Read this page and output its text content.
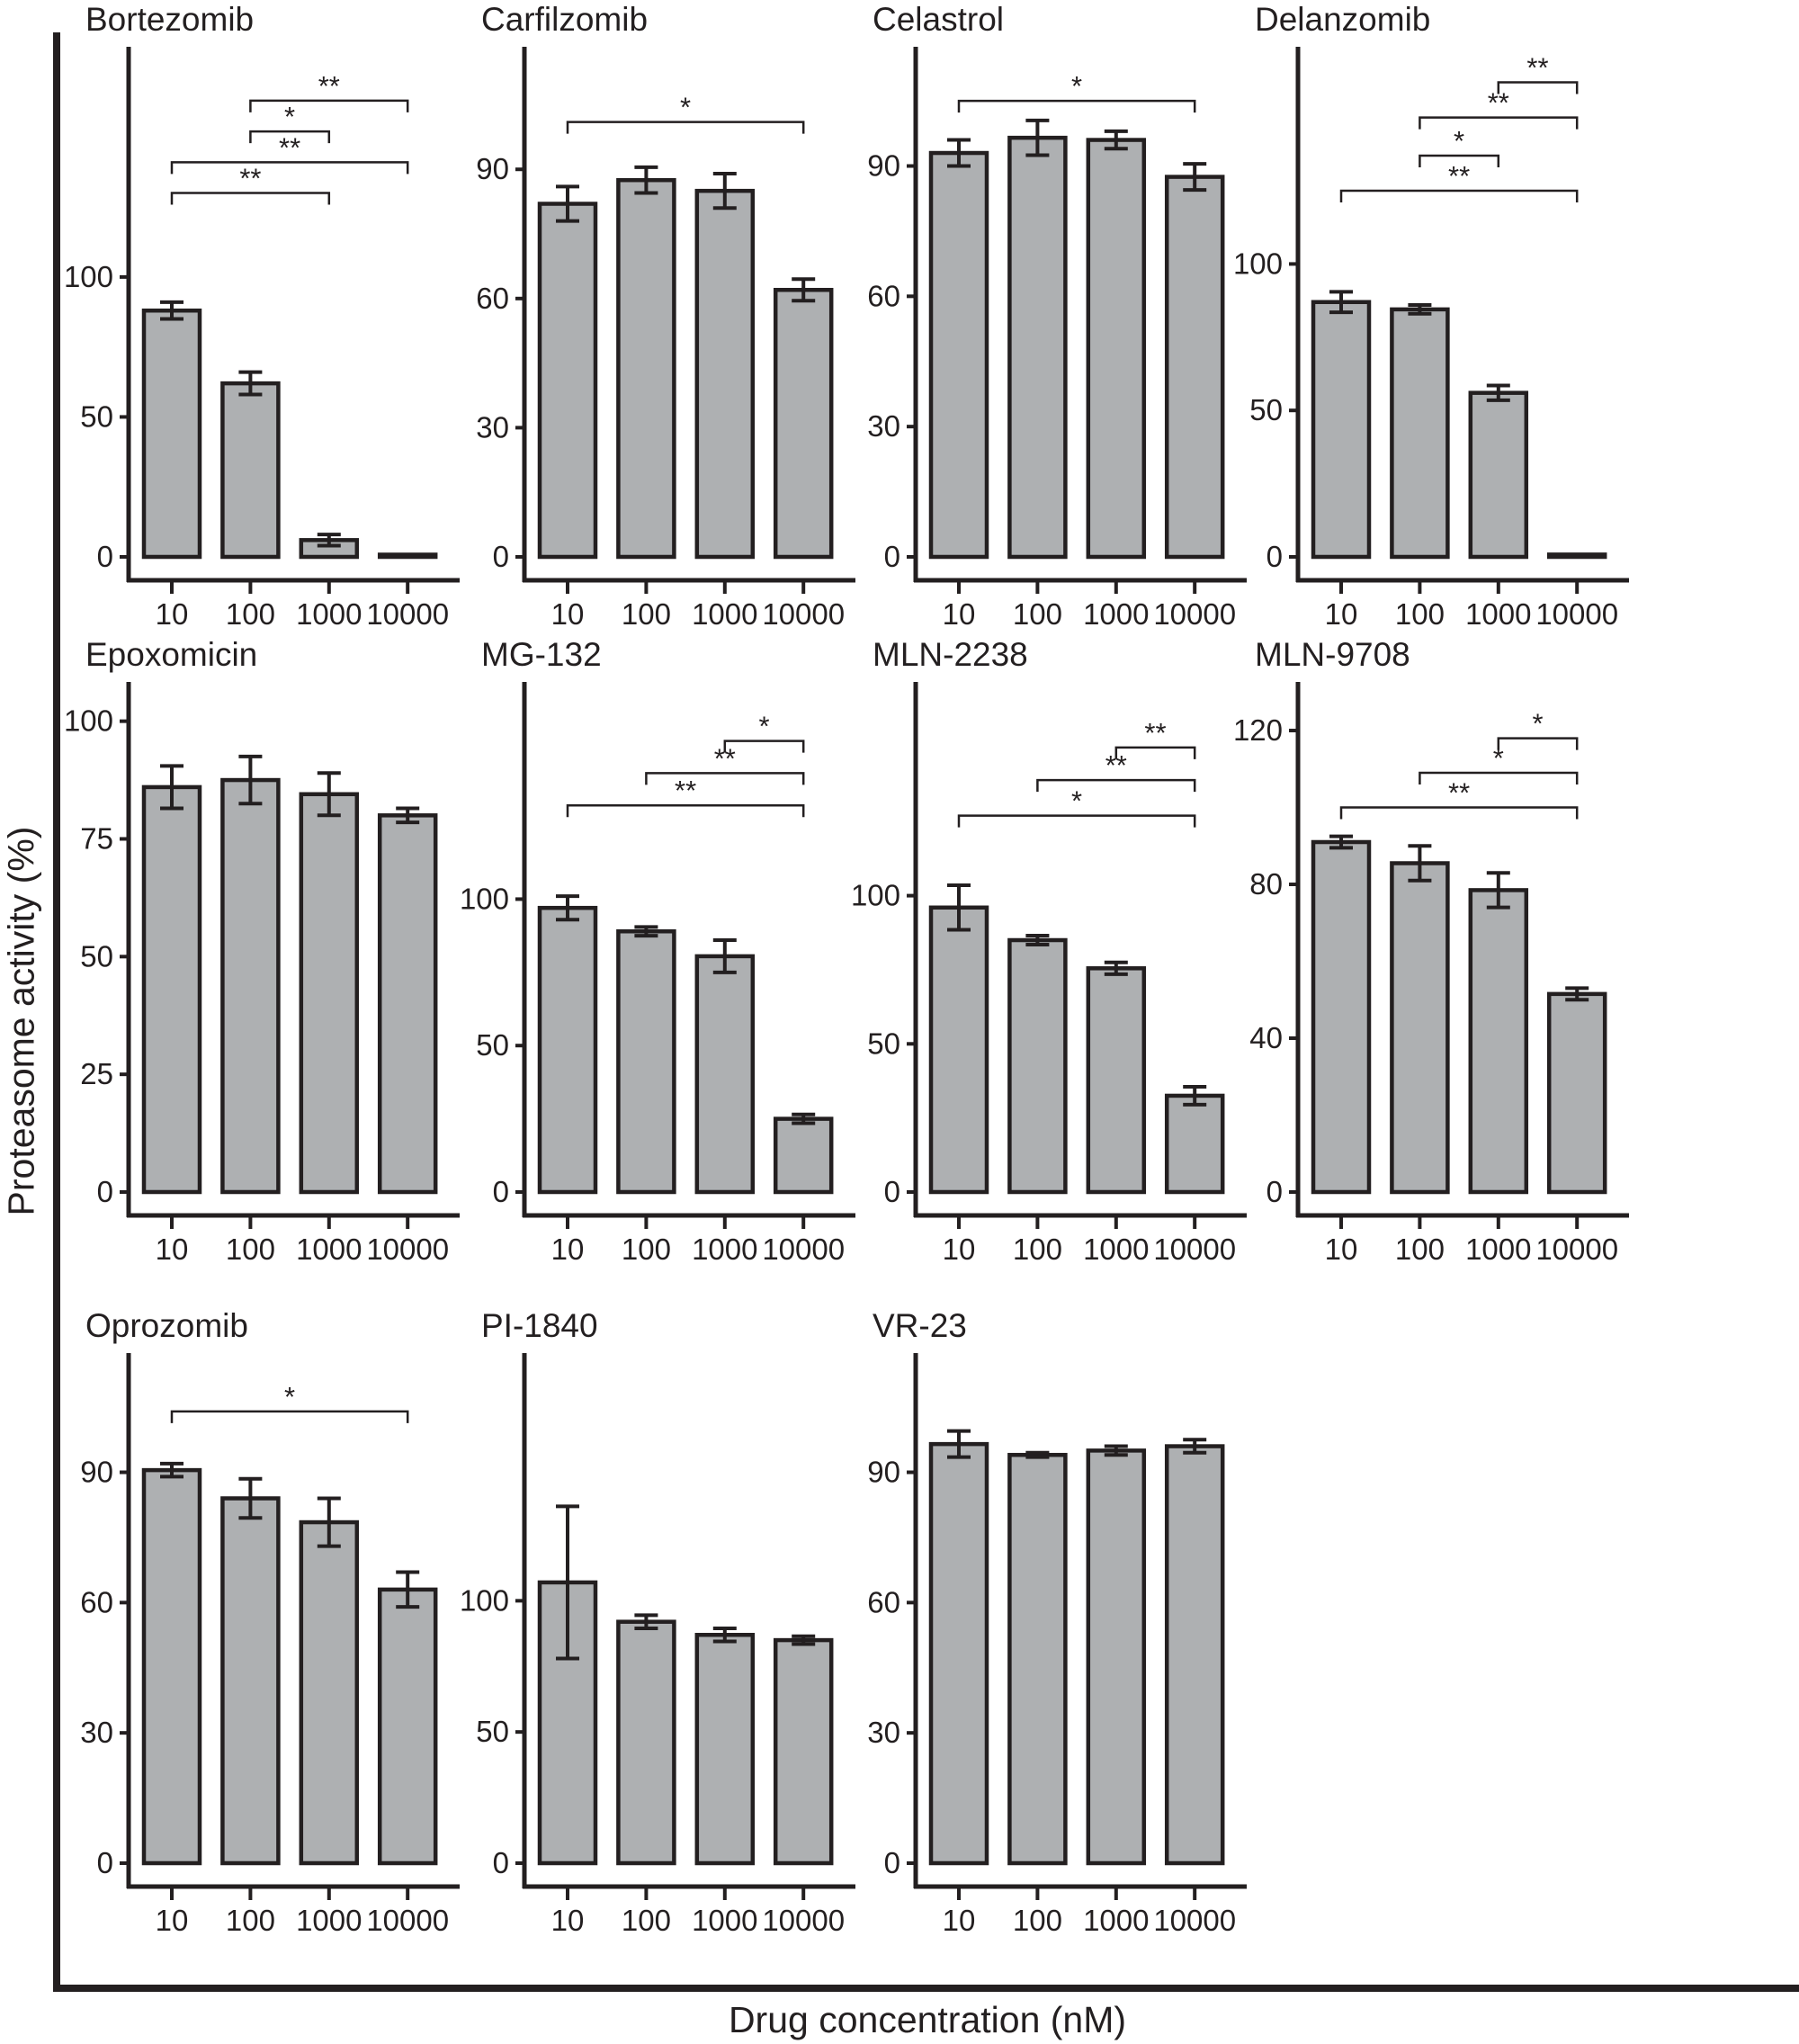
Proteasome activity (%)
Drug concentration (nM)
Bortezomib
0
50
100
10 100 1000 10000
**
*
**
**
Carfilzomib
0
30
60
90
10 100 1000 10000
*
Celastrol
0
30
60
90
10 100 1000 10000
*
Delanzomib
0
50
100
10 100 1000 10000
**
**
*
**
Epoxomicin
0
25
50
75
100
10 100 1000 10000
MG-132
0
50
100
10 100 1000 10000
*
**
**
MLN-2238
0
50
100
10 100 1000 10000
**
**
*
MLN-9708
0
40
80
120
10 100 1000 10000
*
*
**
Oprozomib
0
30
60
90
10 100 1000 10000
*
PI-1840
0
50
100
10 100 1000 10000
VR-23
0
30
60
90
10 100 1000 10000
